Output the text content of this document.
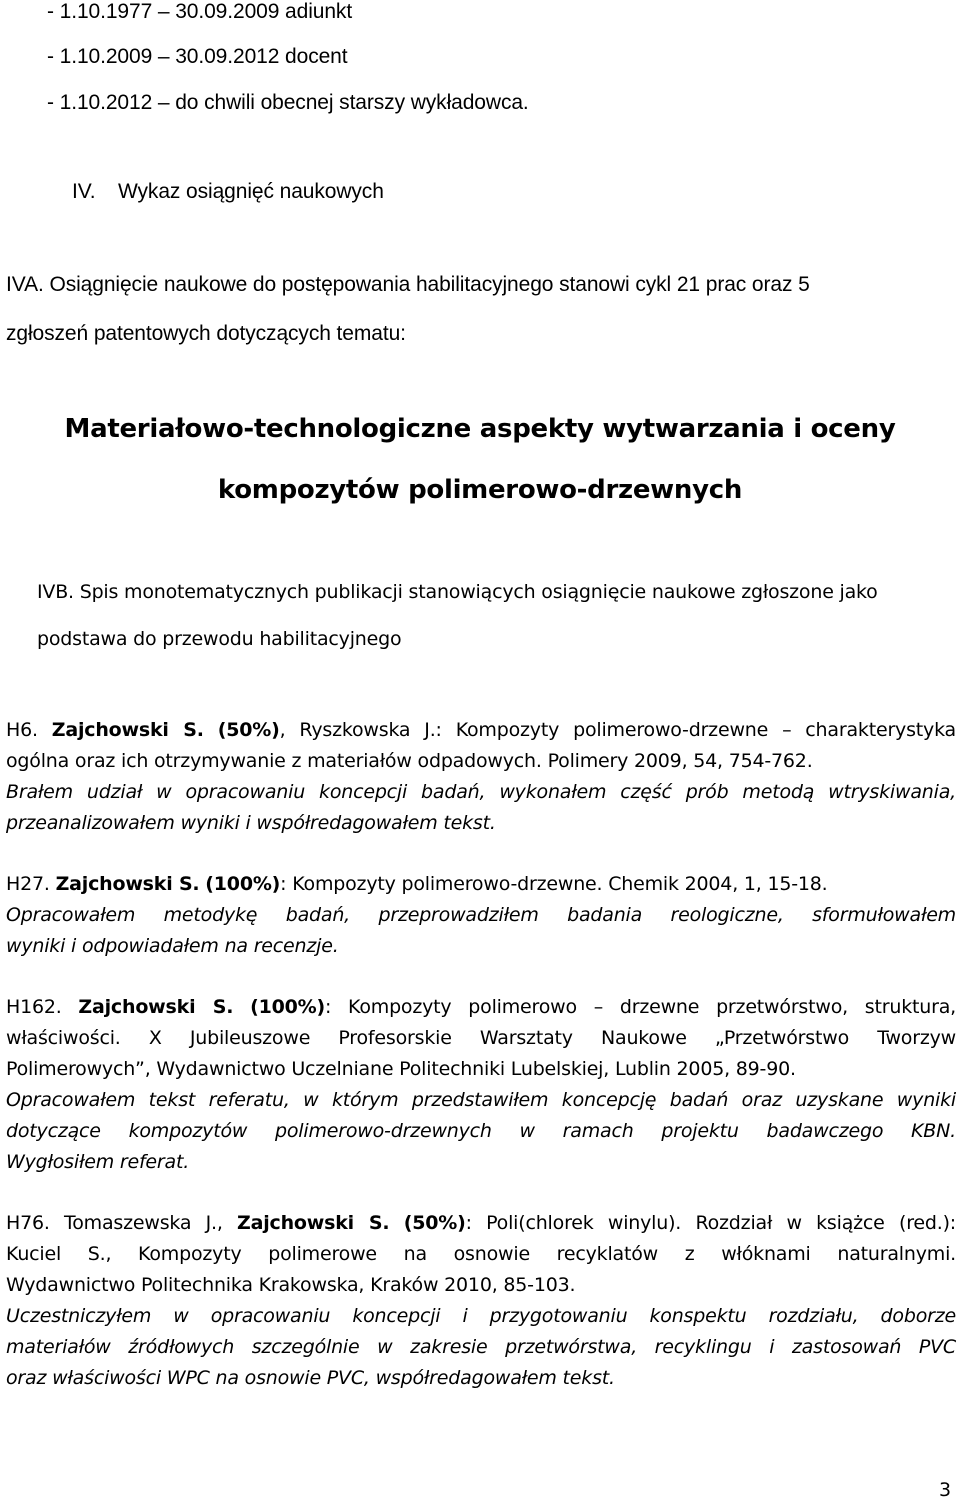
- 1.10.1977 – 30.09.2009 adiunkt

- 1.10.2009 – 30.09.2012 docent

- 1.10.2012 – do chwili obecnej starszy wykładowca.

IV. Wykaz osiągnięć naukowych

IVA. Osiągnięcie naukowe do postępowania habilitacyjnego stanowi cykl 21 prac oraz 5

zgłoszeń patentowych dotyczących tematu:

Materiałowo-technologiczne aspekty wytwarzania i oceny

kompozytów polimerowo-drzewnych

IVB. Spis monotematycznych publikacji stanowiących osiągnięcie naukowe zgłoszone jako

podstawa do przewodu habilitacyjnego

H6. Zajchowski S. (50%), Ryszkowska J.: Kompozyty polimerowo-drzewne – charakterystyka

ogólna oraz ich otrzymywanie z materiałów odpadowych. Polimery 2009, 54, 754-762.

Brałem udział w opracowaniu koncepcji badań, wykonałem część prób metodą wtryskiwania,

przeanalizowałem wyniki i współredagowałem tekst.

H27. Zajchowski S. (100%): Kompozyty polimerowo-drzewne. Chemik 2004, 1, 15-18.

Opracowałem metodykę badań, przeprowadziłem badania reologiczne, sformułowałem

wyniki i odpowiadałem na recenzje.

H162. Zajchowski S. (100%): Kompozyty polimerowo – drzewne przetwórstwo, struktura,

właściwości. X Jubileuszowe Profesorskie Warsztaty Naukowe „Przetwórstwo Tworzyw

Polimerowych”, Wydawnictwo Uczelniane Politechniki Lubelskiej, Lublin 2005, 89-90.

Opracowałem tekst referatu, w którym przedstawiłem koncepcję badań oraz uzyskane wyniki

dotyczące kompozytów polimerowo-drzewnych w ramach projektu badawczego KBN.

Wygłosiłem referat.

H76. Tomaszewska J., Zajchowski S. (50%): Poli(chlorek winylu). Rozdział w książce (red.):

Kuciel S., Kompozyty polimerowe na osnowie recyklatów z włóknami naturalnymi.

Wydawnictwo Politechnika Krakowska, Kraków 2010, 85-103.

Uczestniczyłem w opracowaniu koncepcji i przygotowaniu konspektu rozdziału, doborze

materiałów źródłowych szczególnie w zakresie przetwórstwa, recyklingu i zastosowań PVC

oraz właściwości WPC na osnowie PVC, współredagowałem tekst.

3
